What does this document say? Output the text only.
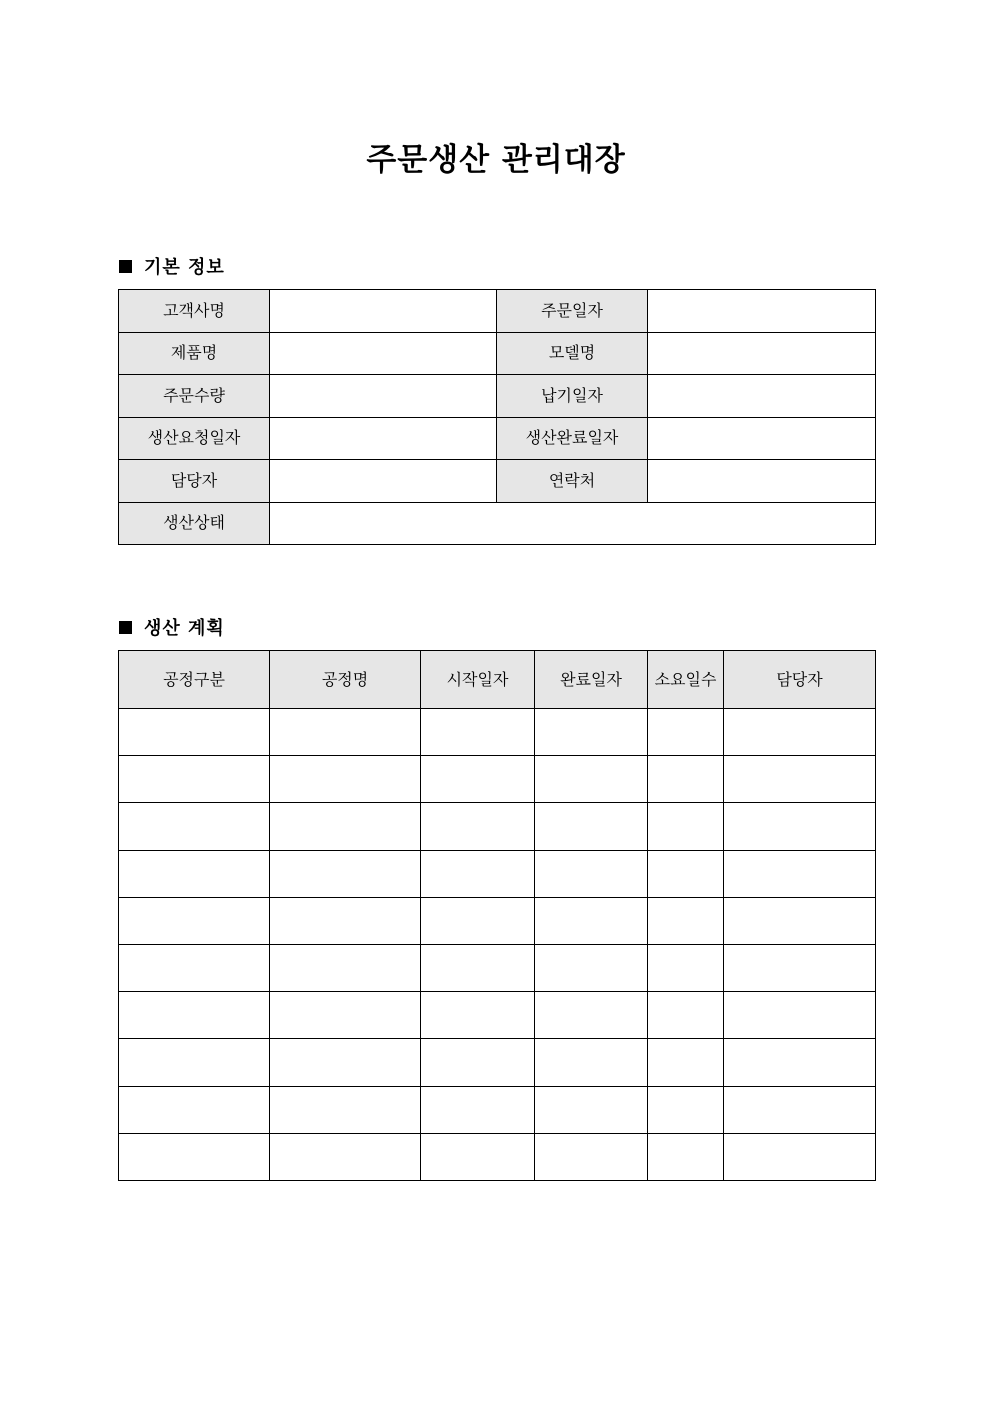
주문생산 관리대장
기본 정보
고객사명		주문일자	
제품명		모델명	
주문수량		납기일자	
생산요청일자		생산완료일자	
담당자		연락처	
생산상태			
생산 계획
공정구분	공정명	시작일자	완료일자	소요일수	담당자
